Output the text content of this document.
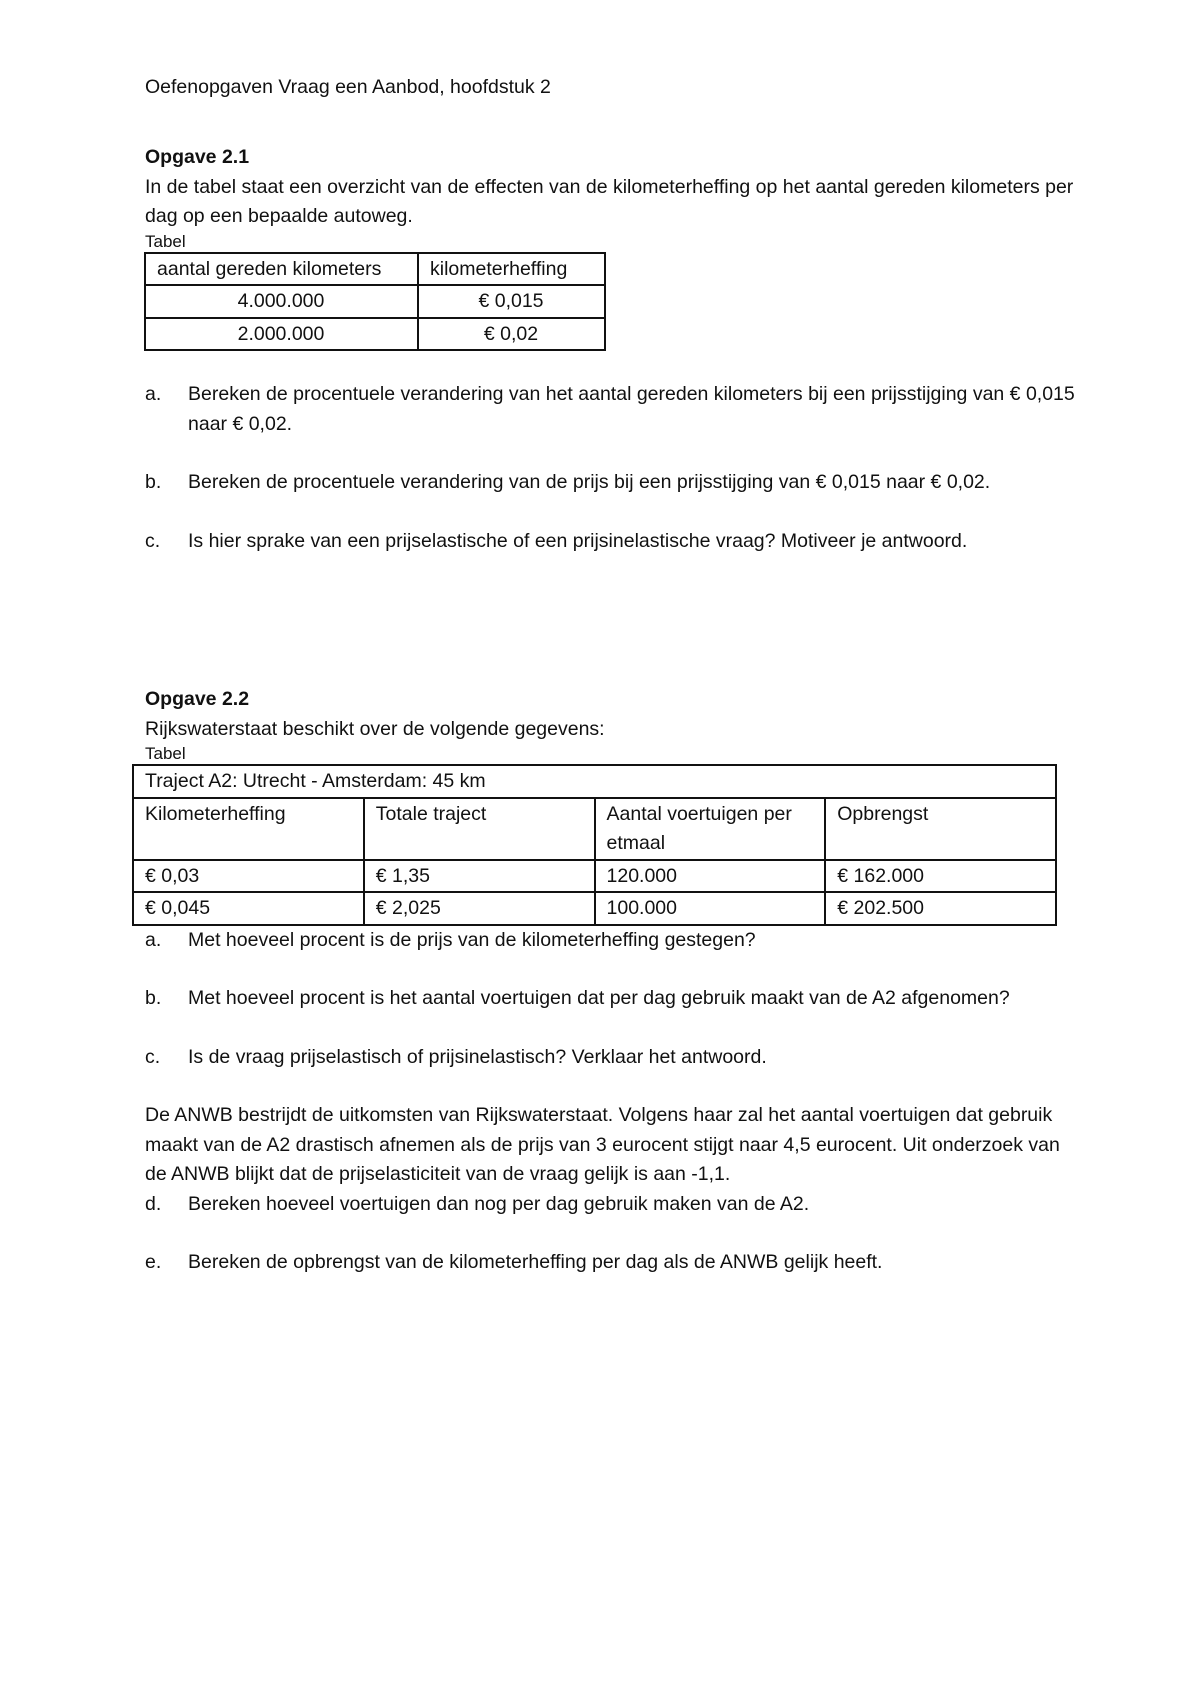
Oefenopgaven Vraag een Aanbod, hoofdstuk 2
Opgave 2.1

In de tabel staat een overzicht van de effecten van de kilometerheffing op het aantal gereden kilometers per dag op een bepaalde autoweg.

Tabel
aantal gereden kilometers	kilometerheffing
4.000.000	€ 0,015
2.000.000	€ 0,02
a. Bereken de procentuele verandering van het aantal gereden kilometers bij een prijsstijging van € 0,015 naar € 0,02.
b. Bereken de procentuele verandering van de prijs bij een prijsstijging van € 0,015 naar € 0,02.
c. Is hier sprake van een prijselastische of een prijsinelastische vraag? Motiveer je antwoord.
Opgave 2.2

Rijkswaterstaat beschikt over de volgende gegevens:

Tabel
Traject A2: Utrecht - Amsterdam: 45 km			
Kilometerheffing	Totale traject	Aantal voertuigen per etmaal	Opbrengst
€ 0,03	€ 1,35	120.000	€ 162.000
€ 0,045	€ 2,025	100.000	€ 202.500
a. Met hoeveel procent is de prijs van de kilometerheffing gestegen?
b. Met hoeveel procent is het aantal voertuigen dat per dag gebruik maakt van de A2 afgenomen?
c. Is de vraag prijselastisch of prijsinelastisch? Verklaar het antwoord.

De ANWB bestrijdt de uitkomsten van Rijkswaterstaat. Volgens haar zal het aantal voertuigen dat gebruik maakt van de A2 drastisch afnemen als de prijs van 3 eurocent stijgt naar 4,5 eurocent. Uit onderzoek van de ANWB blijkt dat de prijselasticiteit van de vraag gelijk is aan -1,1.

d. Bereken hoeveel voertuigen dan nog per dag gebruik maken van de A2.
e. Bereken de opbrengst van de kilometerheffing per dag als de ANWB gelijk heeft.
